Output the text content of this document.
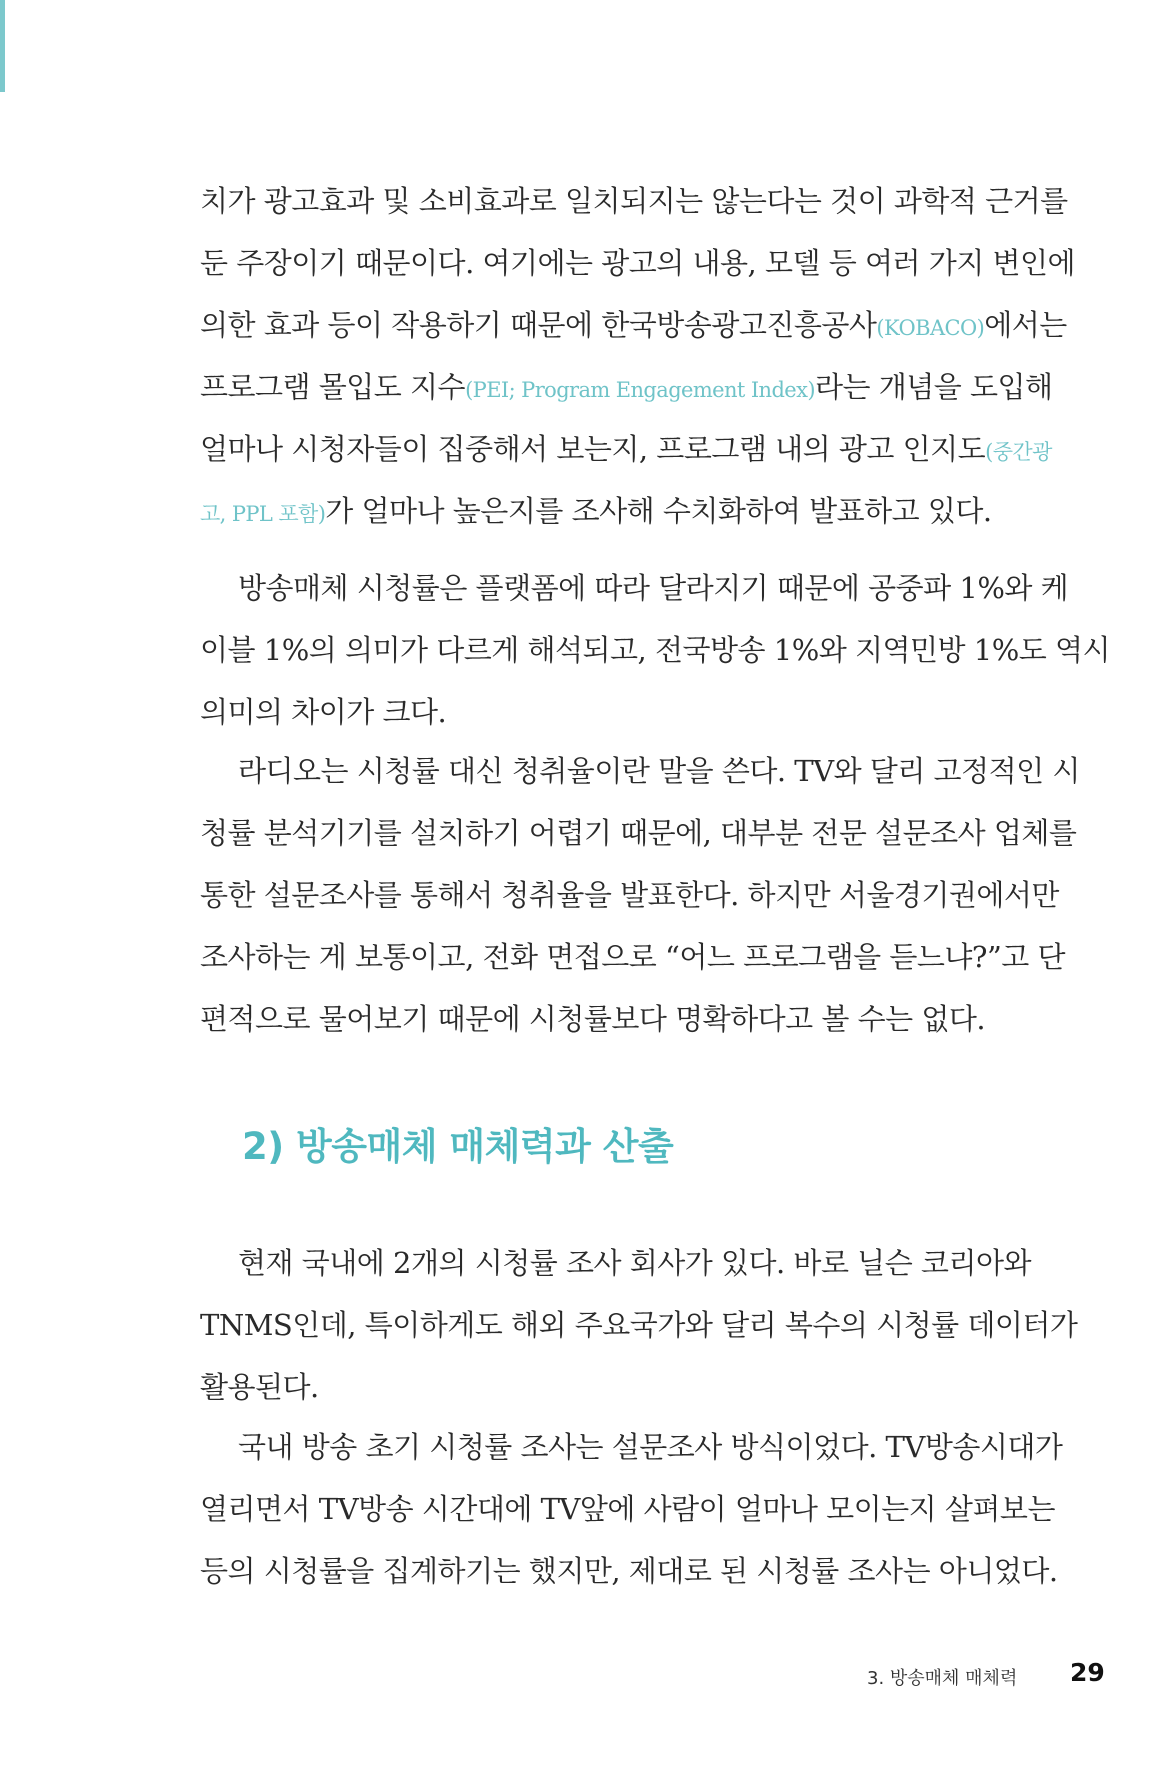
치가 광고효과 및 소비효과로 일치되지는 않는다는 것이 과학적 근거를
둔 주장이기 때문이다. 여기에는 광고의 내용, 모델 등 여러 가지 변인에
의한 효과 등이 작용하기 때문에 한국방송광고진흥공사(KOBACO)에서는
프로그램 몰입도 지수(PEI; Program Engagement Index)라는 개념을 도입해
얼마나 시청자들이 집중해서 보는지, 프로그램 내의 광고 인지도(중간광
고, PPL 포함)가 얼마나 높은지를 조사해 수치화하여 발표하고 있다.
방송매체 시청률은 플랫폼에 따라 달라지기 때문에 공중파 1%와 케
이블 1%의 의미가 다르게 해석되고, 전국방송 1%와 지역민방 1%도 역시
의미의 차이가 크다.
라디오는 시청률 대신 청취율이란 말을 쓴다. TV와 달리 고정적인 시
청률 분석기기를 설치하기 어렵기 때문에, 대부분 전문 설문조사 업체를
통한 설문조사를 통해서 청취율을 발표한다. 하지만 서울경기권에서만
조사하는 게 보통이고, 전화 면접으로 “어느 프로그램을 듣느냐?”고 단
편적으로 물어보기 때문에 시청률보다 명확하다고 볼 수는 없다.
2) 방송매체 매체력과 산출
현재 국내에 2개의 시청률 조사 회사가 있다. 바로 닐슨 코리아와
TNMS인데, 특이하게도 해외 주요국가와 달리 복수의 시청률 데이터가
활용된다.
국내 방송 초기 시청률 조사는 설문조사 방식이었다. TV방송시대가
열리면서 TV방송 시간대에 TV앞에 사람이 얼마나 모이는지 살펴보는
등의 시청률을 집계하기는 했지만, 제대로 된 시청률 조사는 아니었다.
3. 방송매체 매체력 29
